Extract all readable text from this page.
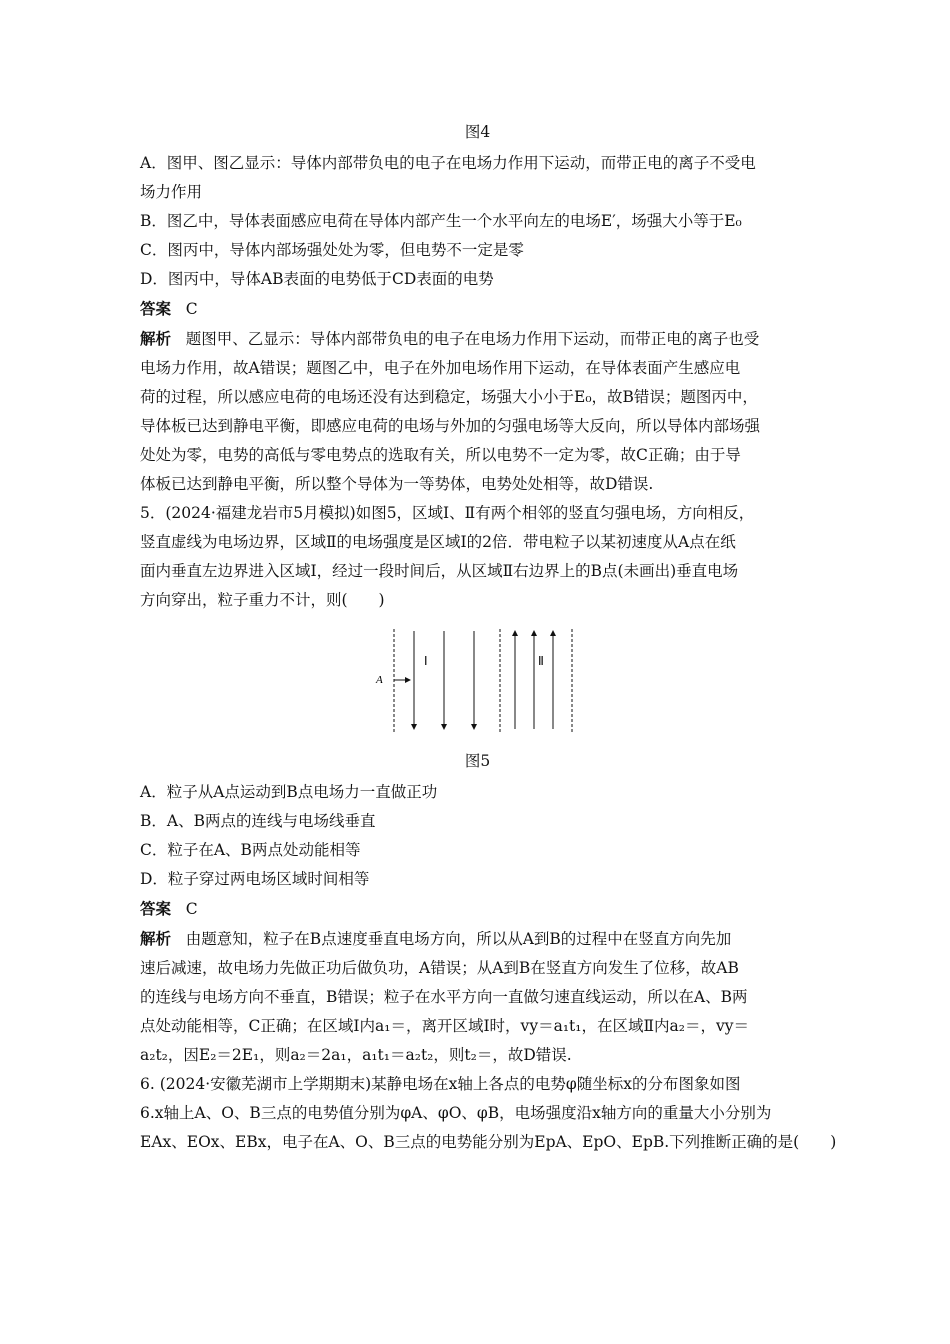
图4

A．图甲、图乙显示：导体内部带负电的电子在电场力作用下运动，而带正电的离子不受电

场力作用

B．图乙中，导体表面感应电荷在导体内部产生一个水平向左的电场E′，场强大小等于E₀

C．图丙中，导体内部场强处处为零，但电势不一定是零

D．图丙中，导体AB表面的电势低于CD表面的电势

答案 C

解析 题图甲、乙显示：导体内部带负电的电子在电场力作用下运动，而带正电的离子也受

电场力作用，故A错误；题图乙中，电子在外加电场作用下运动，在导体表面产生感应电

荷的过程，所以感应电荷的电场还没有达到稳定，场强大小小于E₀，故B错误；题图丙中，

导体板已达到静电平衡，即感应电荷的电场与外加的匀强电场等大反向，所以导体内部场强

处处为零，电势的高低与零电势点的选取有关，所以电势不一定为零，故C正确；由于导

体板已达到静电平衡，所以整个导体为一等势体，电势处处相等，故D错误.

5．(2024·福建龙岩市5月模拟)如图5，区域Ⅰ、Ⅱ有两个相邻的竖直匀强电场，方向相反，

竖直虚线为电场边界，区域Ⅱ的电场强度是区域Ⅰ的2倍．带电粒子以某初速度从A点在纸

面内垂直左边界进入区域Ⅰ，经过一段时间后，从区域Ⅱ右边界上的B点(未画出)垂直电场

方向穿出，粒子重力不计，则(　　)

A
Ⅰ	Ⅱ
图5

A．粒子从A点运动到B点电场力一直做正功

B．A、B两点的连线与电场线垂直

C．粒子在A、B两点处动能相等

D．粒子穿过两电场区域时间相等

答案 C

解析 由题意知，粒子在B点速度垂直电场方向，所以从A到B的过程中在竖直方向先加

速后减速，故电场力先做正功后做负功，A错误；从A到B在竖直方向发生了位移，故AB

的连线与电场方向不垂直，B错误；粒子在水平方向一直做匀速直线运动，所以在A、B两

点处动能相等，C正确；在区域Ⅰ内a₁＝，离开区域Ⅰ时，vy＝a₁t₁，在区域Ⅱ内a₂＝，vy＝

a₂t₂，因E₂＝2E₁，则a₂＝2a₁，a₁t₁＝a₂t₂，则t₂＝，故D错误.

6. (2024·安徽芜湖市上学期期末)某静电场在x轴上各点的电势φ随坐标x的分布图象如图

6.x轴上A、O、B三点的电势值分别为φA、φO、φB，电场强度沿x轴方向的重量大小分别为

EAx、EOx、EBx，电子在A、O、B三点的电势能分别为EpA、EpO、EpB.下列推断正确的是(　　)
